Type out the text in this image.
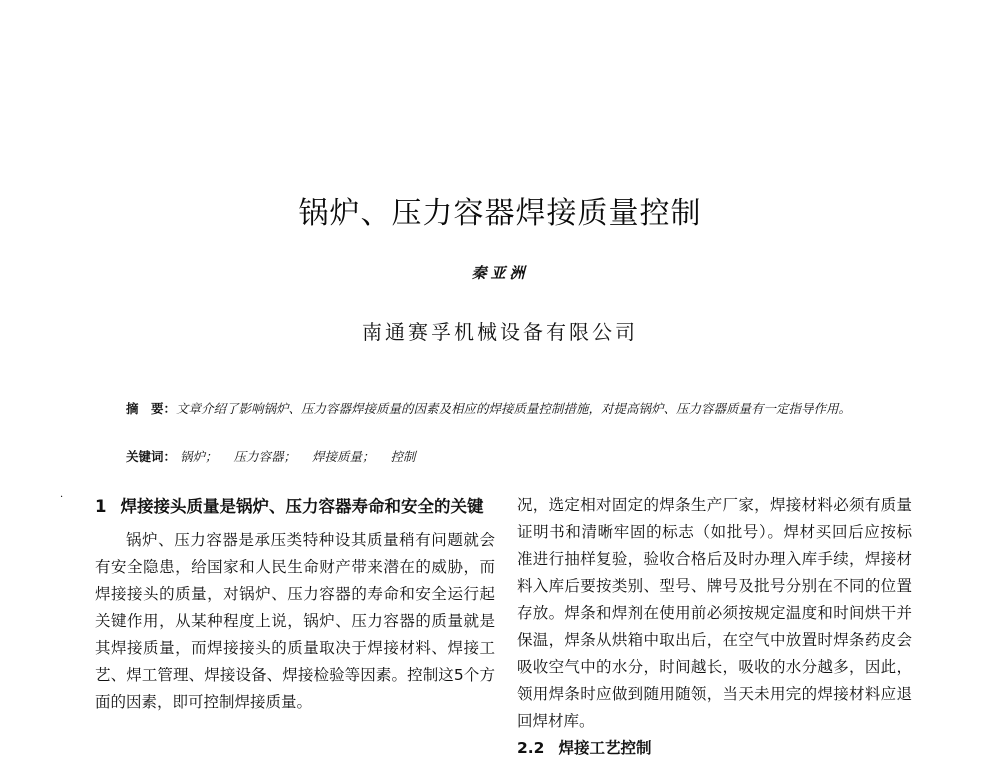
锅炉、压力容器焊接质量控制
秦亚洲
南通赛孚机械设备有限公司
摘　要：文章介绍了影响锅炉、压力容器焊接质量的因素及相应的焊接质量控制措施，对提高锅炉、压力容器质量有一定指导作用。
关键词： 锅炉； 压力容器； 焊接质量； 控制
· 1 焊接接头质量是锅炉、压力容器寿命和安全的关键

锅炉、压力容器是承压类特种设其质量稍有问题就会有安全隐患，给国家和人民生命财产带来潜在的威胁，而焊接接头的质量，对锅炉、压力容器的寿命和安全运行起关键作用，从某种程度上说，锅炉、压力容器的质量就是其焊接质量，而焊接接头的质量取决于焊接材料、焊接工艺、焊工管理、焊接设备、焊接检验等因素。控制这5个方面的因素，即可控制焊接质量。

况，选定相对固定的焊条生产厂家，焊接材料必须有质量证明书和清晰牢固的标志（如批号）。焊材买回后应按标准进行抽样复验，验收合格后及时办理入库手续，焊接材料入库后要按类别、型号、牌号及批号分别在不同的位置存放。焊条和焊剂在使用前必须按规定温度和时间烘干并保温，焊条从烘箱中取出后，在空气中放置时焊条药皮会吸收空气中的水分，时间越长，吸收的水分越多，因此，领用焊条时应做到随用随领，当天未用完的焊接材料应退回焊材库。

2.2 焊接工艺控制
